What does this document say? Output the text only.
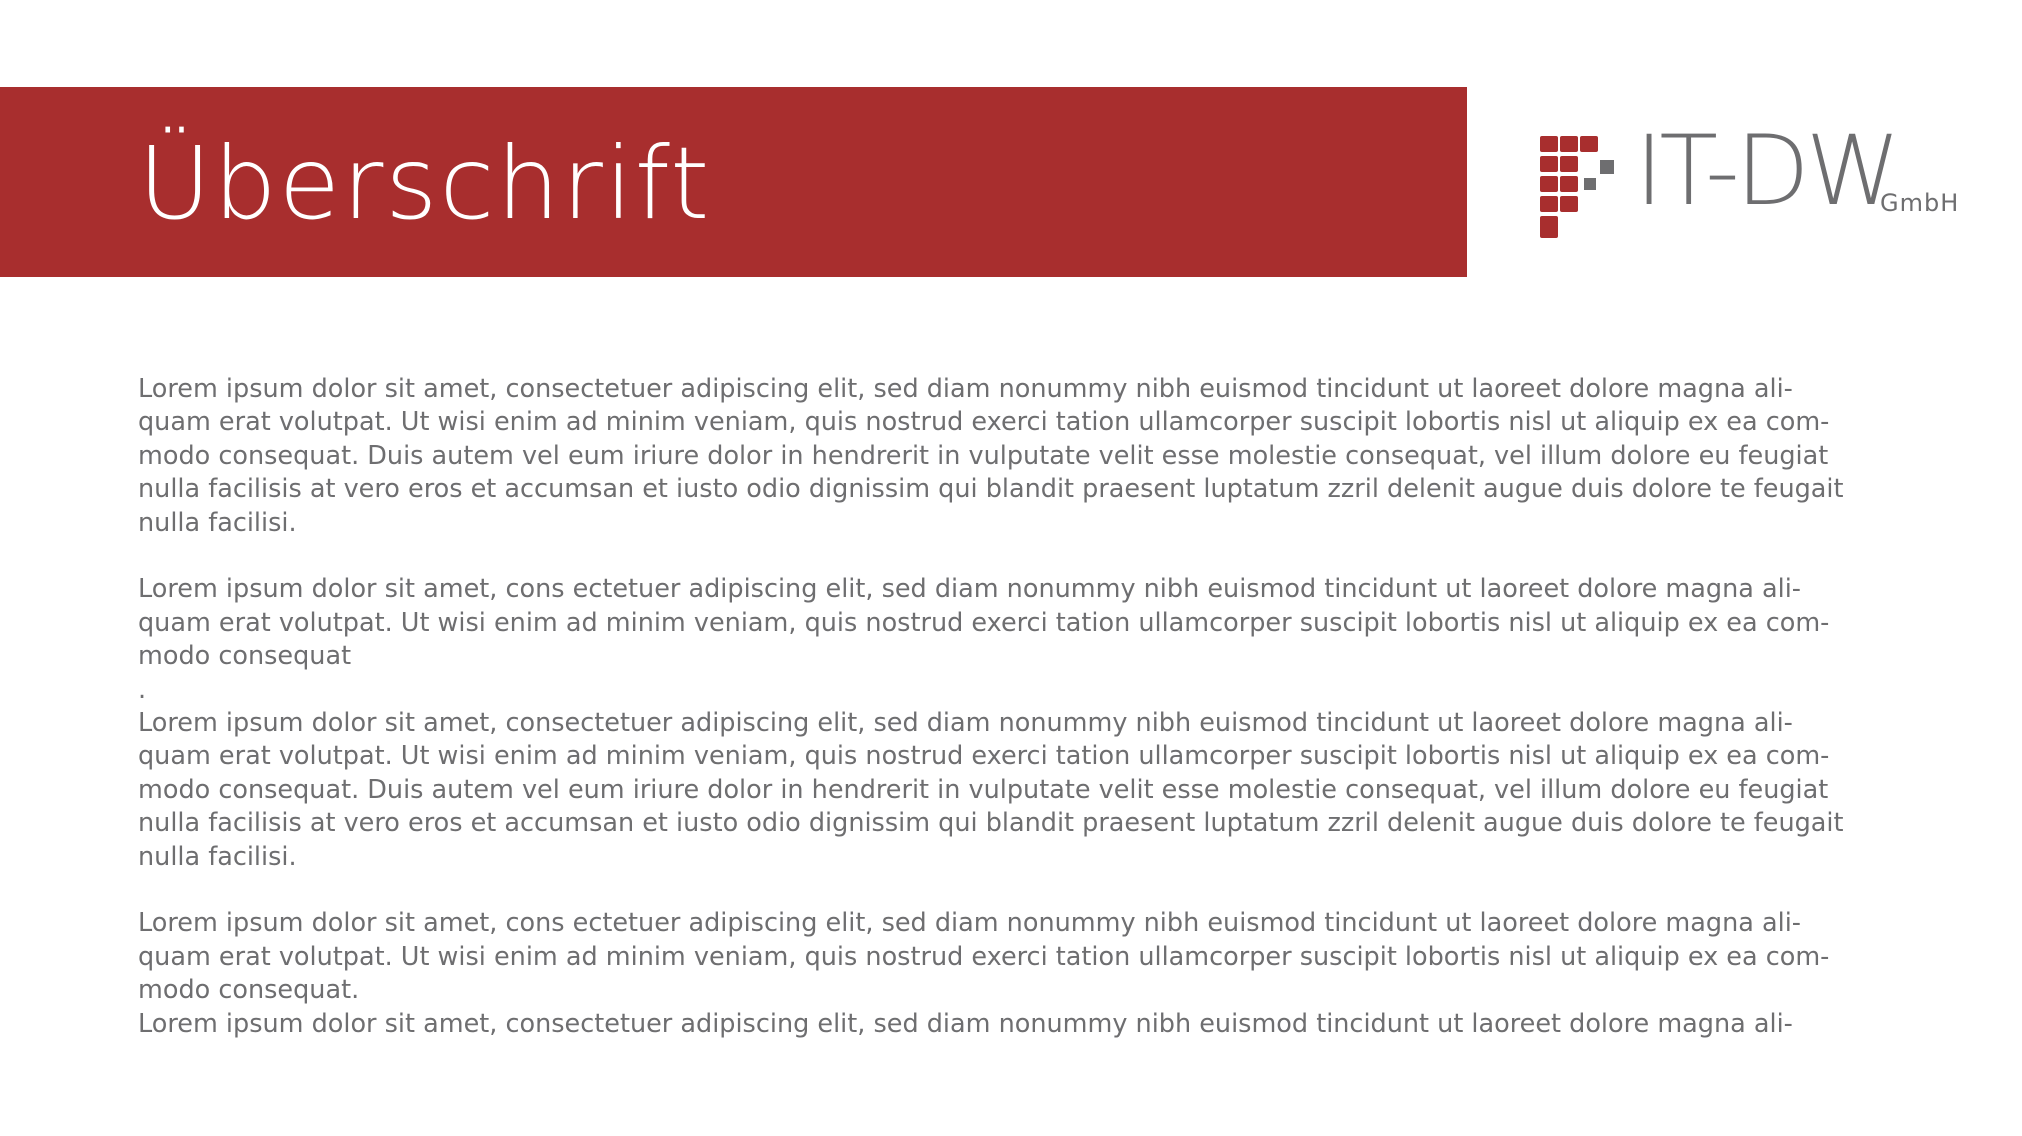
Überschrift	IT-DW
GmbH

Lorem ipsum dolor sit amet, consectetuer adipiscing elit, sed diam nonummy nibh euismod tincidunt ut laoreet dolore magna ali-
quam erat volutpat. Ut wisi enim ad minim veniam, quis nostrud exerci tation ullamcorper suscipit lobortis nisl ut aliquip ex ea com-
modo consequat. Duis autem vel eum iriure dolor in hendrerit in vulputate velit esse molestie consequat, vel illum dolore eu feugiat
nulla facilisis at vero eros et accumsan et iusto odio dignissim qui blandit praesent luptatum zzril delenit augue duis dolore te feugait
nulla facilisi.

Lorem ipsum dolor sit amet, cons ectetuer adipiscing elit, sed diam nonummy nibh euismod tincidunt ut laoreet dolore magna ali-
quam erat volutpat. Ut wisi enim ad minim veniam, quis nostrud exerci tation ullamcorper suscipit lobortis nisl ut aliquip ex ea com-
modo consequat
.

Lorem ipsum dolor sit amet, consectetuer adipiscing elit, sed diam nonummy nibh euismod tincidunt ut laoreet dolore magna ali-
quam erat volutpat. Ut wisi enim ad minim veniam, quis nostrud exerci tation ullamcorper suscipit lobortis nisl ut aliquip ex ea com-
modo consequat. Duis autem vel eum iriure dolor in hendrerit in vulputate velit esse molestie consequat, vel illum dolore eu feugiat
nulla facilisis at vero eros et accumsan et iusto odio dignissim qui blandit praesent luptatum zzril delenit augue duis dolore te feugait
nulla facilisi.

Lorem ipsum dolor sit amet, cons ectetuer adipiscing elit, sed diam nonummy nibh euismod tincidunt ut laoreet dolore magna ali-
quam erat volutpat. Ut wisi enim ad minim veniam, quis nostrud exerci tation ullamcorper suscipit lobortis nisl ut aliquip ex ea com-
modo consequat.
Lorem ipsum dolor sit amet, consectetuer adipiscing elit, sed diam nonummy nibh euismod tincidunt ut laoreet dolore magna ali-
